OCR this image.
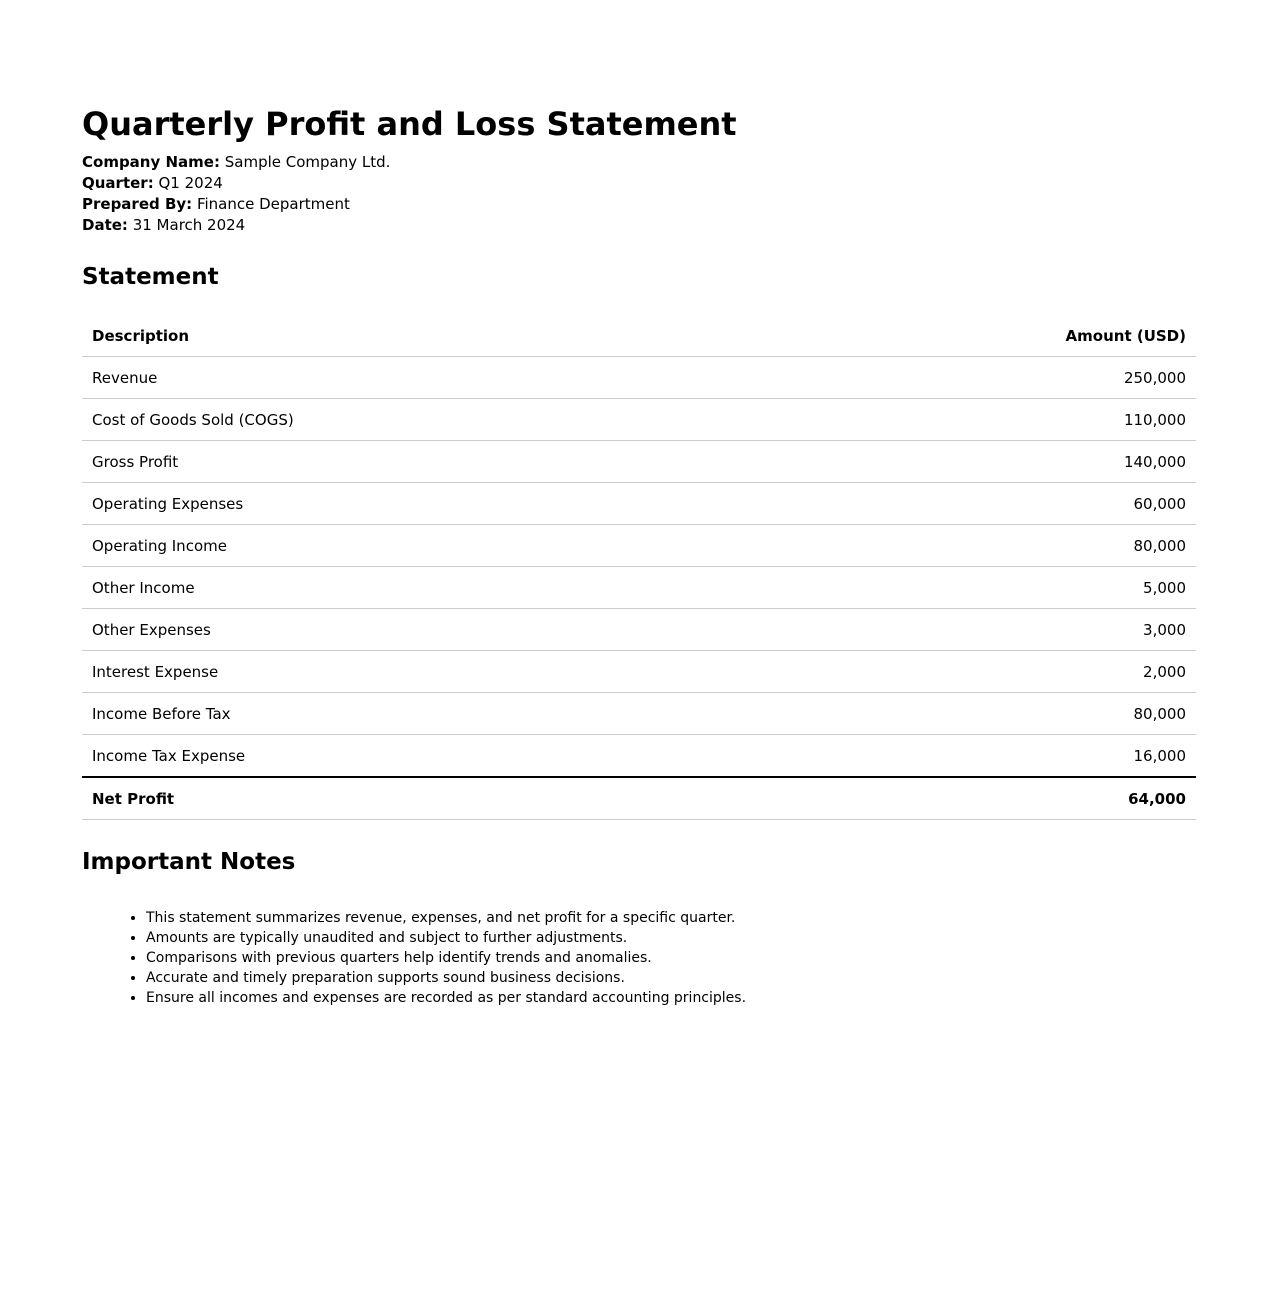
Quarterly Profit and Loss Statement
Company Name: Sample Company Ltd.
Quarter: Q1 2024
Prepared By: Finance Department
Date: 31 March 2024
Statement
Description	Amount (USD)
Revenue	250,000
Cost of Goods Sold (COGS)	110,000
Gross Profit	140,000
Operating Expenses	60,000
Operating Income	80,000
Other Income	5,000
Other Expenses	3,000
Interest Expense	2,000
Income Before Tax	80,000
Income Tax Expense	16,000
Net Profit	64,000
Important Notes
• This statement summarizes revenue, expenses, and net profit for a specific quarter.
• Amounts are typically unaudited and subject to further adjustments.
• Comparisons with previous quarters help identify trends and anomalies.
• Accurate and timely preparation supports sound business decisions.
• Ensure all incomes and expenses are recorded as per standard accounting principles.
